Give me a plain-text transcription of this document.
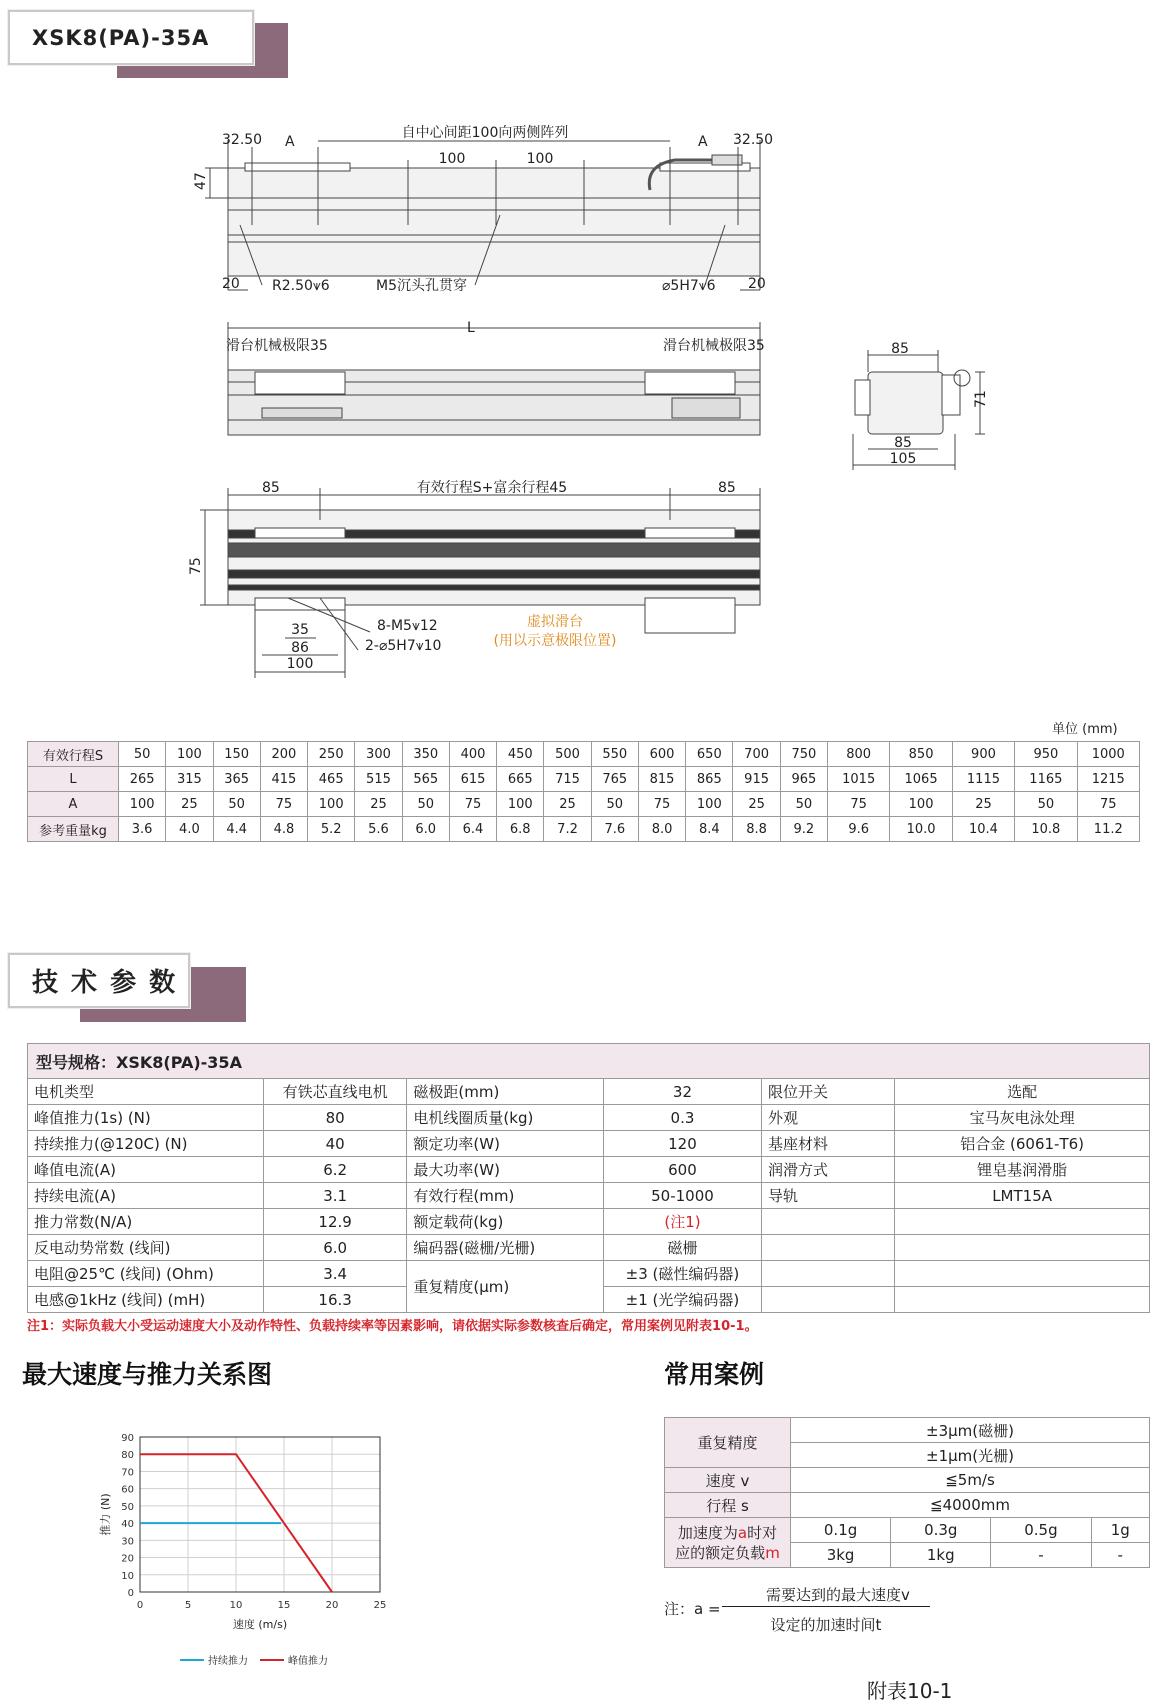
XSK8(PA)-35A
32.50 A
自中心间距100向两侧阵列
A 32.50
100	100
47
20 R2.50⩛6	M5沉头孔贯穿	⌀5H7⩛6 20
L
滑台机械极限35	滑台机械极限35	85
71
85
105
85	有效行程S+富余行程45	85
75
8-M5⩛12
2-⌀5H7⩛10
35
86
100
虚拟滑台
(用以示意极限位置)
单位 (mm)
有效行程S	50	100	150	200	250	300	350	400	450	500	550	600	650	700	750	800	850	900	950	1000
L	265	315	365	415	465	515	565	615	665	715	765	815	865	915	965	1015	1065	1115	1165	1215
A	100	25	50	75	100	25	50	75	100	25	50	75	100	25	50	75	100	25	50	75
参考重量kg	3.6	4.0	4.4	4.8	5.2	5.6	6.0	6.4	6.8	7.2	7.6	8.0	8.4	8.8	9.2	9.6	10.0	10.4	10.8	11.2
技 术 参 数
型号规格：XSK8(PA)-35A					
电机类型	有铁芯直线电机	磁极距(mm)	32	限位开关	选配
峰值推力(1s) (N)	80	电机线圈质量(kg)	0.3	外观	宝马灰电泳处理
持续推力(@120C) (N)	40	额定功率(W)	120	基座材料	铝合金 (6061-T6)
峰值电流(A)	6.2	最大功率(W)	600	润滑方式	锂皂基润滑脂
持续电流(A)	3.1	有效行程(mm)	50-1000	导轨	LMT15A
推力常数(N/A)	12.9	额定载荷(kg)	(注1)		
反电动势常数 (线间)	6.0	编码器(磁栅/光栅)	磁栅		
电阻@25℃ (线间) (Ohm)	3.4	重复精度(μm)	±3 (磁性编码器)		
电感@1kHz (线间) (mH)	16.3		±1 (光学编码器)		
注1：实际负载大小受运动速度大小及动作特性、负载持续率等因素影响，请依据实际参数核查后确定，常用案例见附表10-1。
最大速度与推力关系图	常用案例
0
10
20
30
40
50
60
70
80
90
0	5	10	15	20	25
速度 (m/s)
推力 (N)
持续推力	峰值推力
重复精度	±3μm(磁栅)			
	±1μm(光栅)			
速度 v	≦5m/s			
行程 s	≦4000mm			
加速度为a时对
应的额定负载m	0.1g	0.3g	0.5g	1g
	3kg	1kg	-	-
注：a =
需要达到的最大速度v
设定的加速时间t
附表10-1
